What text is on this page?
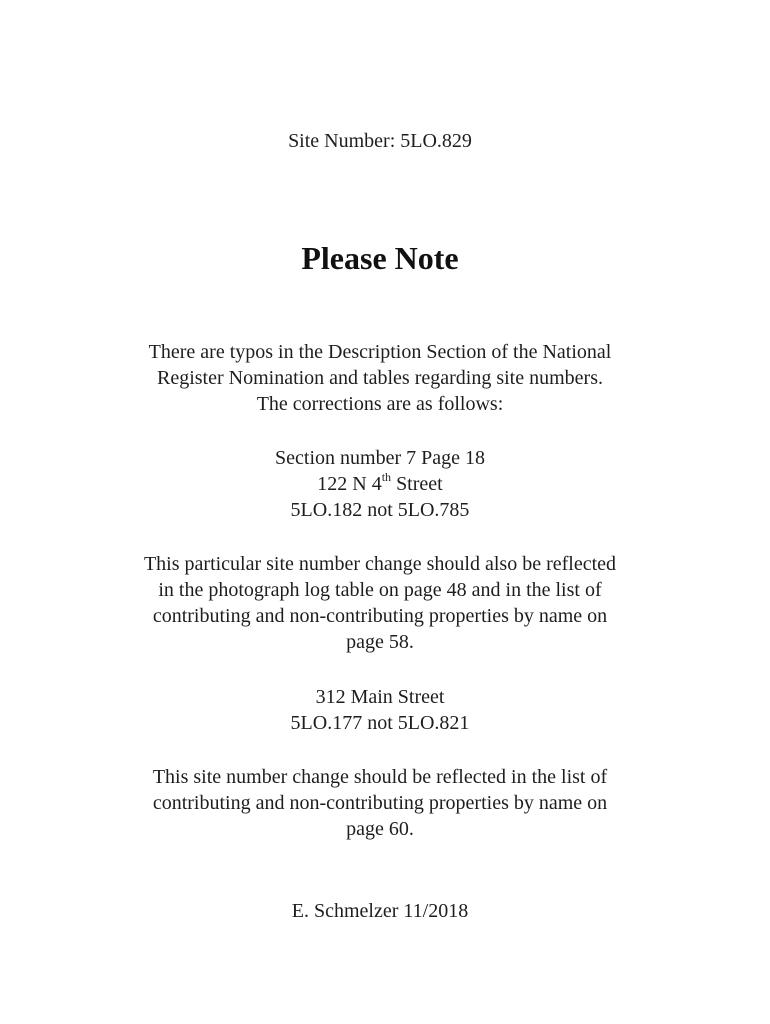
Site Number: 5LO.829
Please Note
There are typos in the Description Section of the National
Register Nomination and tables regarding site numbers.
The corrections are as follows:
Section number 7 Page 18
122 N 4th Street
5LO.182 not 5LO.785
This particular site number change should also be reflected
in the photograph log table on page 48 and in the list of
contributing and non-contributing properties by name on
page 58.
312 Main Street
5LO.177 not 5LO.821
This site number change should be reflected in the list of
contributing and non-contributing properties by name on
page 60.
E. Schmelzer 11/2018
